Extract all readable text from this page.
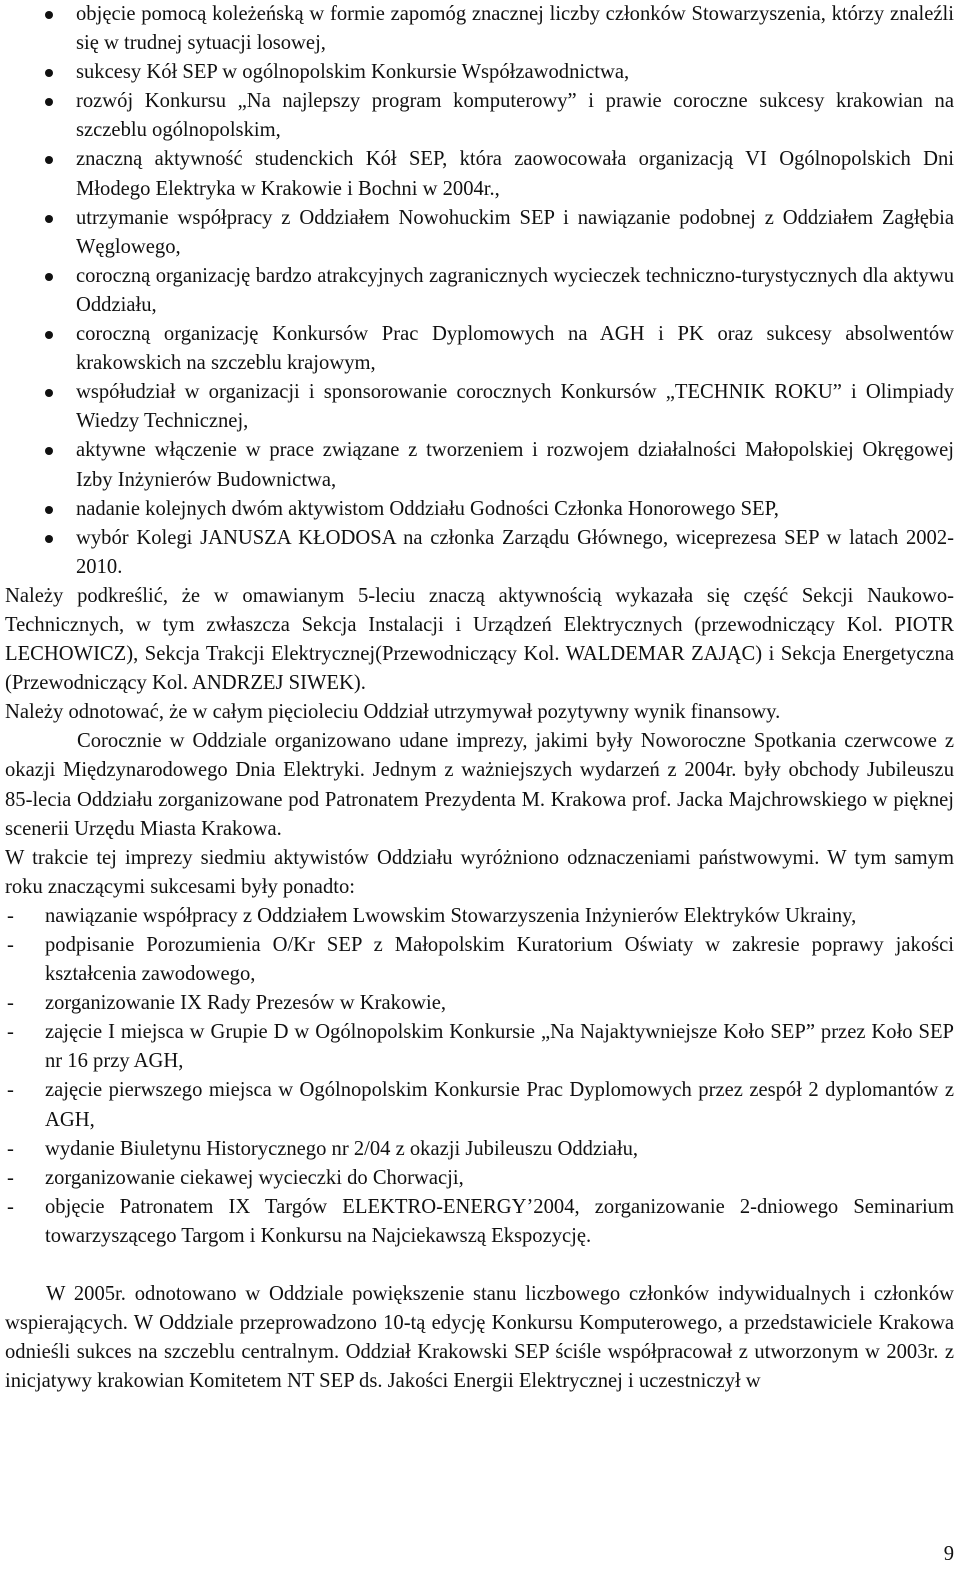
objęcie pomocą koleżeńską w formie zapomóg znacznej liczby członków Stowarzyszenia, którzy znaleźli się w trudnej sytuacji losowej,
sukcesy Kół SEP w ogólnopolskim Konkursie Współzawodnictwa,
rozwój Konkursu „Na najlepszy program komputerowy” i prawie coroczne sukcesy krakowian na szczeblu ogólnopolskim,
znaczną aktywność studenckich Kół SEP, która zaowocowała organizacją VI Ogólnopolskich Dni Młodego Elektryka w Krakowie i Bochni w 2004r.,
utrzymanie współpracy z Oddziałem Nowohuckim SEP i nawiązanie podobnej z Oddziałem Zagłębia Węglowego,
coroczną organizację bardzo atrakcyjnych zagranicznych wycieczek techniczno-turystycznych dla aktywu Oddziału,
coroczną organizację Konkursów Prac Dyplomowych na AGH i PK oraz sukcesy absolwentów krakowskich na szczeblu krajowym,
współudział w organizacji i sponsorowanie corocznych Konkursów „TECHNIK ROKU” i Olimpiady Wiedzy Technicznej,
aktywne włączenie w prace związane z tworzeniem i rozwojem działalności Małopolskiej Okręgowej Izby Inżynierów Budownictwa,
nadanie kolejnych dwóm aktywistom Oddziału Godności Członka Honorowego SEP,
wybór Kolegi JANUSZA KŁODOSA na członka Zarządu Głównego, wiceprezesa SEP w latach 2002-2010.

Należy podkreślić, że w omawianym 5-leciu znaczą aktywnością wykazała się część Sekcji Naukowo-Technicznych, w tym zwłaszcza Sekcja Instalacji i Urządzeń Elektrycznych (przewodniczący Kol. PIOTR LECHOWICZ), Sekcja Trakcji Elektrycznej(Przewodniczący Kol. WALDEMAR ZAJĄC) i Sekcja Energetyczna (Przewodniczący Kol. ANDRZEJ SIWEK).

Należy odnotować, że w całym pięcioleciu Oddział utrzymywał pozytywny wynik finansowy.

Corocznie w Oddziale organizowano udane imprezy, jakimi były Noworoczne Spotkania czerwcowe z okazji Międzynarodowego Dnia Elektryki. Jednym z ważniejszych wydarzeń z 2004r. były obchody Jubileuszu 85-lecia Oddziału zorganizowane pod Patronatem Prezydenta M. Krakowa prof. Jacka Majchrowskiego w pięknej scenerii Urzędu Miasta Krakowa.

W trakcie tej imprezy siedmiu aktywistów Oddziału wyróżniono odznaczeniami państwowymi. W tym samym roku znaczącymi sukcesami były ponadto:

- nawiązanie współpracy z Oddziałem Lwowskim Stowarzyszenia Inżynierów Elektryków Ukrainy,
- podpisanie Porozumienia O/Kr SEP z Małopolskim Kuratorium Oświaty w zakresie poprawy jakości kształcenia zawodowego,
- zorganizowanie IX Rady Prezesów w Krakowie,
- zajęcie I miejsca w Grupie D w Ogólnopolskim Konkursie „Na Najaktywniejsze Koło SEP” przez Koło SEP nr 16 przy AGH,
- zajęcie pierwszego miejsca w Ogólnopolskim Konkursie Prac Dyplomowych przez zespół 2 dyplomantów z AGH,
- wydanie Biuletynu Historycznego nr 2/04 z okazji Jubileuszu Oddziału,
- zorganizowanie ciekawej wycieczki do Chorwacji,
- objęcie Patronatem IX Targów ELEKTRO-ENERGY’2004, zorganizowanie 2-dniowego Seminarium towarzyszącego Targom i Konkursu na Najciekawszą Ekspozycję.

W 2005r. odnotowano w Oddziale powiększenie stanu liczbowego członków indywidualnych i członków wspierających. W Oddziale przeprowadzono 10-tą edycję Konkursu Komputerowego, a przedstawiciele Krakowa odnieśli sukces na szczeblu centralnym. Oddział Krakowski SEP ściśle współpracował z utworzonym w 2003r. z inicjatywy krakowian Komitetem NT SEP ds. Jakości Energii Elektrycznej i uczestniczył w

9
